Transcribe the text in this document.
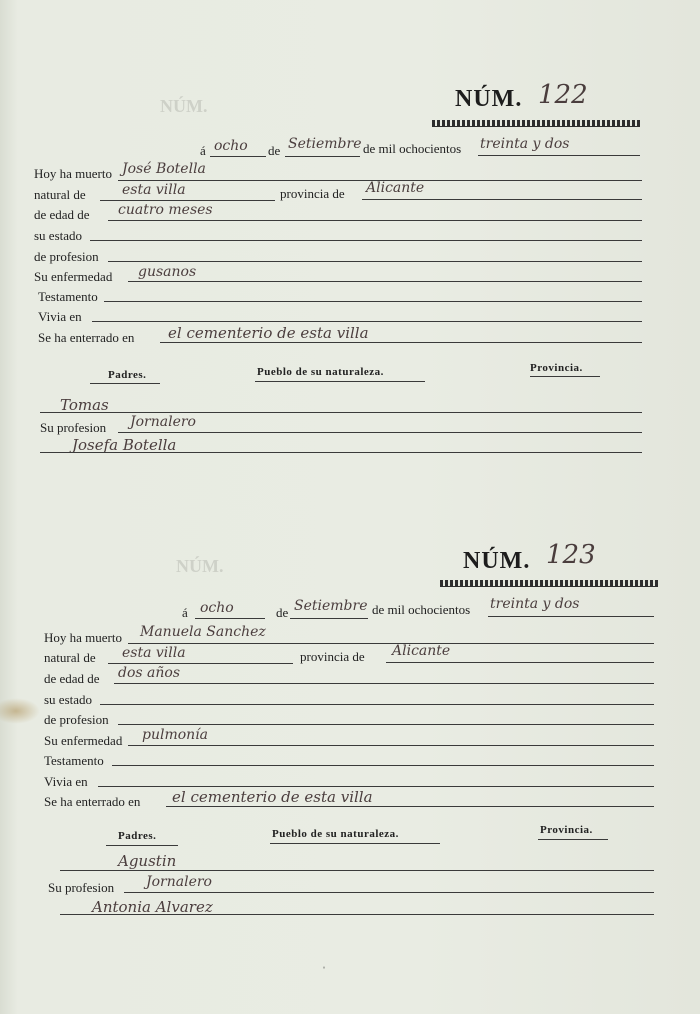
NÚM.
NÚM.
NÚM. 122
á ocho de Setiembre de mil ochocientos treinta y dos
Hoy ha muerto José Botella
natural de	esta villa	provincia de Alicante
de edad de cuatro meses
su estado
de profesion
Su enfermedad gusanos
Testamento
Vivia en
Se ha enterrado en el cementerio de esta villa
Padres.	Pueblo de su naturaleza.	Provincia.
Tomas
Su profesion Jornalero
Josefa Botella
NÚM. 123
á ocho	de Setiembre de mil ochocientos treinta y dos
Hoy ha muerto Manuela Sanchez
natural de esta villa	provincia de Alicante
de edad de dos años
su estado
de profesion
Su enfermedad pulmonía
Testamento
Vivia en
Se ha enterrado en el cementerio de esta villa
Padres.	Pueblo de su naturaleza.	Provincia.
Agustin
Su profesion Jornalero
Antonia Alvarez
ˈ
